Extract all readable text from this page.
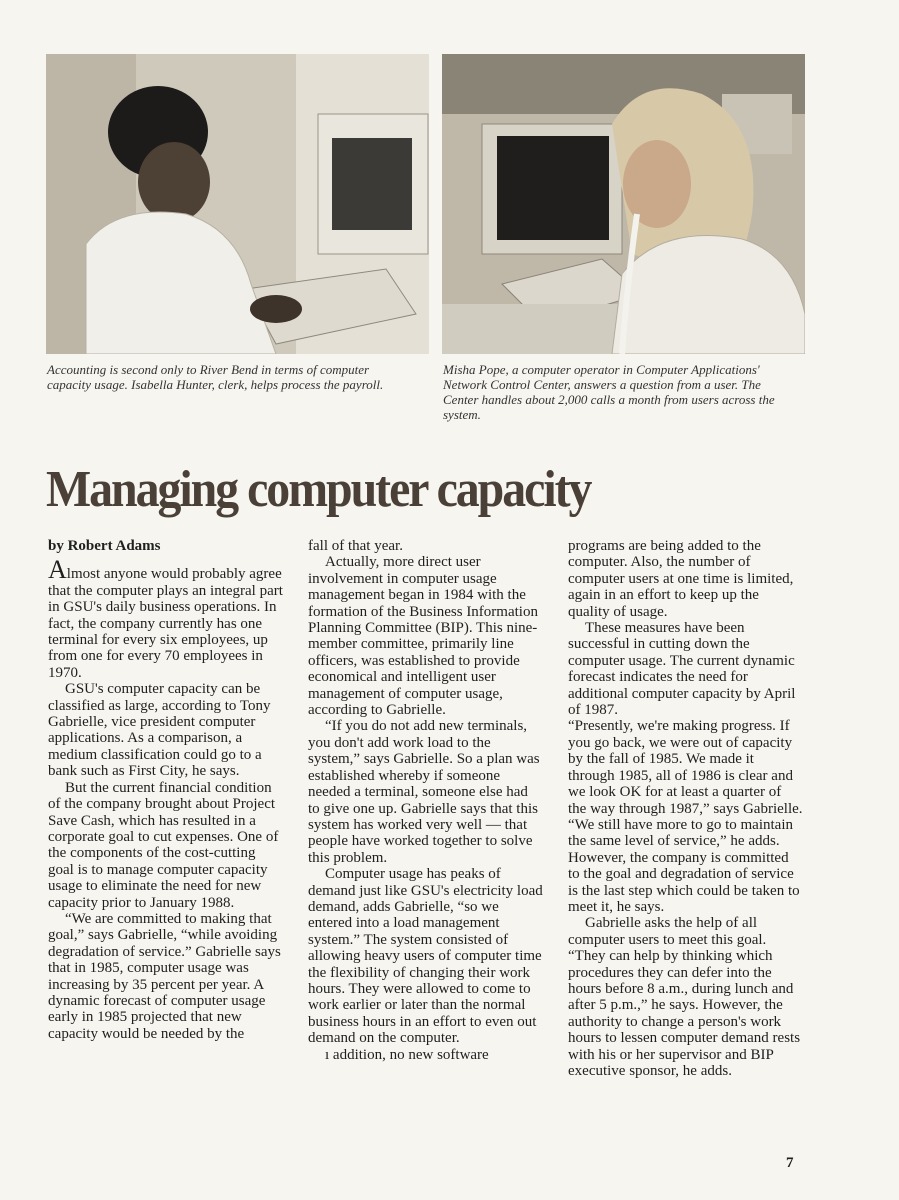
Accounting is second only to River Bend in terms of computer capacity usage. Isabella Hunter, clerk, helps process the payroll.
Misha Pope, a computer operator in Computer Applications' Network Control Center, answers a question from a user. The Center handles about 2,000 calls a month from users across the system.
Managing computer capacity

by Robert Adams

Almost anyone would probably agree that the computer plays an integral part in GSU's daily business operations. In fact, the company currently has one terminal for every six employees, up from one for every 70 employees in 1970.

GSU's computer capacity can be classified as large, according to Tony Gabrielle, vice president computer applications. As a comparison, a medium classification could go to a bank such as First City, he says.

But the current financial condition of the company brought about Project Save Cash, which has resulted in a corporate goal to cut expenses. One of the components of the cost-cutting goal is to manage computer capacity usage to eliminate the need for new capacity prior to January 1988.

“We are committed to making that goal,” says Gabrielle, “while avoiding degradation of service.” Gabrielle says that in 1985, computer usage was increasing by 35 percent per year. A dynamic forecast of computer usage early in 1985 projected that new capacity would be needed by the

fall of that year.

Actually, more direct user involvement in computer usage management began in 1984 with the formation of the Business Information Planning Committee (BIP). This nine-member committee, primarily line officers, was established to provide economical and intelligent user management of computer usage, according to Gabrielle.

“If you do not add new terminals, you don't add work load to the system,” says Gabrielle. So a plan was established whereby if someone needed a terminal, someone else had to give one up. Gabrielle says that this system has worked very well — that people have worked together to solve this problem.

Computer usage has peaks of demand just like GSU's electricity load demand, adds Gabrielle, “so we entered into a load management system.” The system consisted of allowing heavy users of computer time the flexibility of changing their work hours. They were allowed to come to work earlier or later than the normal business hours in an effort to even out demand on the computer.

ı addition, no new software

programs are being added to the computer. Also, the number of computer users at one time is limited, again in an effort to keep up the quality of usage.

These measures have been successful in cutting down the computer usage. The current dynamic forecast indicates the need for additional computer capacity by April of 1987.

“Presently, we're making progress. If you go back, we were out of capacity by the fall of 1985. We made it through 1985, all of 1986 is clear and we look OK for at least a quarter of the way through 1987,” says Gabrielle.

“We still have more to go to maintain the same level of service,” he adds. However, the company is committed to the goal and degradation of service is the last step which could be taken to meet it, he says.

Gabrielle asks the help of all computer users to meet this goal. “They can help by thinking which procedures they can defer into the hours before 8 a.m., during lunch and after 5 p.m.,” he says. However, the authority to change a person's work hours to lessen computer demand rests with his or her supervisor and BIP executive sponsor, he adds.

7
